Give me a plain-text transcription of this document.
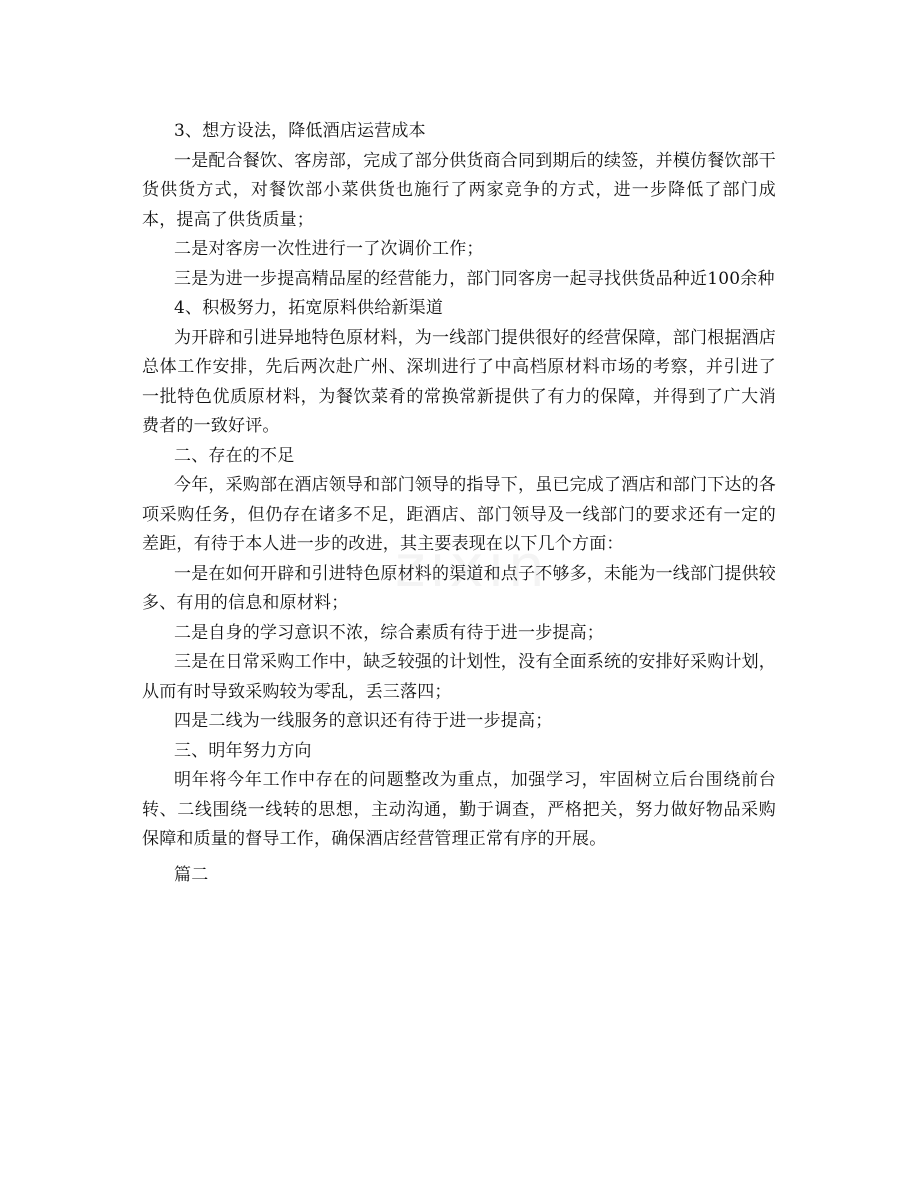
3、想方设法，降低酒店运营成本

一是配合餐饮、客房部，完成了部分供货商合同到期后的续签，并模仿餐饮部干货供货方式，对餐饮部小菜供货也施行了两家竞争的方式，进一步降低了部门成本，提高了供货质量；

二是对客房一次性进行一了次调价工作；

三是为进一步提高精品屋的经营能力，部门同客房一起寻找供货品种近100余种

4、积极努力，拓宽原料供给新渠道

为开辟和引进异地特色原材料，为一线部门提供很好的经营保障，部门根据酒店总体工作安排，先后两次赴广州、深圳进行了中高档原材料市场的考察，并引进了一批特色优质原材料，为餐饮菜肴的常换常新提供了有力的保障，并得到了广大消费者的一致好评。

二、存在的不足

今年，采购部在酒店领导和部门领导的指导下，虽已完成了酒店和部门下达的各项采购任务，但仍存在诸多不足，距酒店、部门领导及一线部门的要求还有一定的差距，有待于本人进一步的改进，其主要表现在以下几个方面：

一是在如何开辟和引进特色原材料的渠道和点子不够多，未能为一线部门提供较多、有用的信息和原材料；

二是自身的学习意识不浓，综合素质有待于进一步提高；

三是在日常采购工作中，缺乏较强的计划性，没有全面系统的安排好采购计划，从而有时导致采购较为零乱，丢三落四；

四是二线为一线服务的意识还有待于进一步提高；

三、明年努力方向

明年将今年工作中存在的问题整改为重点，加强学习，牢固树立后台围绕前台转、二线围绕一线转的思想，主动沟通，勤于调查，严格把关，努力做好物品采购保障和质量的督导工作，确保酒店经营管理正常有序的开展。

篇二
